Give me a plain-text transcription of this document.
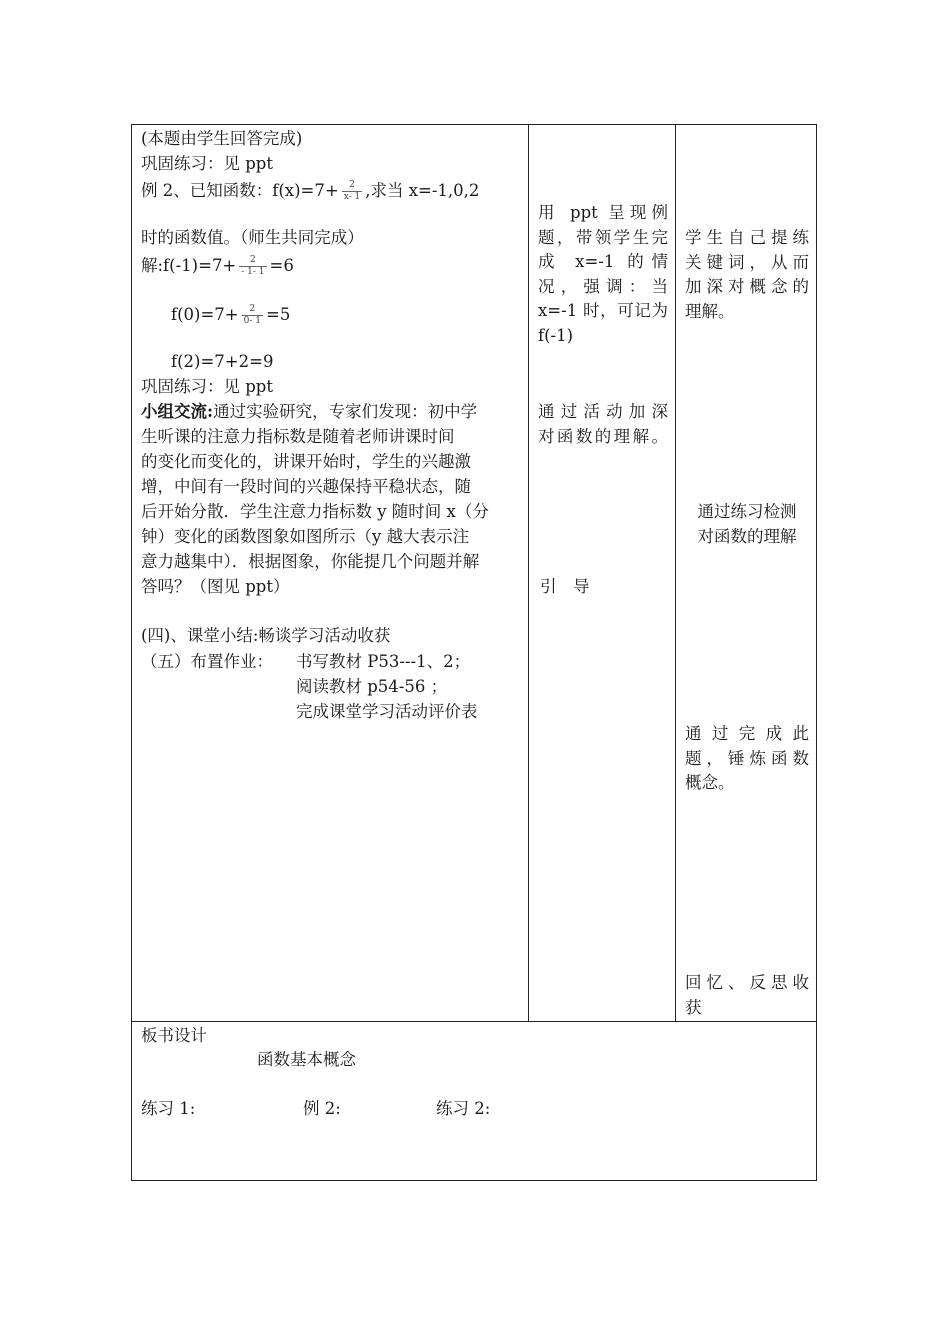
(本题由学生回答完成)
巩固练习：见 ppt
例 2、已知函数：$f(x)=7+ \frac{2}{x- 1}$ ,求当 x=-1,0,2
时的函数值。（师生共同完成）
解:f(-1)=7+ $\frac{2}{- 1- 1} =6$
$f(0)=7+ \frac{2}{0- 1} =5$
f(2)=7+2=9
巩固练习：见 ppt
小组交流:通过实验研究，专家们发现：初中学
生听课的注意力指标数是随着老师讲课时间
的变化而变化的，讲课开始时，学生的兴趣激
增，中间有一段时间的兴趣保持平稳状态，随
后开始分散．学生注意力指标数 y 随时间 x（分
钟）变化的函数图象如图所示（y 越大表示注
意力越集中）．根据图象，你能提几个问题并解
答吗？（图见 ppt）
(四)、课堂小结:畅谈学习活动收获
（五）布置作业： 书写教材 P53---1、2；
阅读教材 p54-56 ；
完成课堂学习活动评价表
用 ppt 呈现例
题，带领学生完
成 x=-1 的情
况，强调：当
x=-1 时，可记为
f(-1)
通过活动加深
对函数的理解。
引　导
学生自己提练
关键词，从而
加深对概念的
理解。
通过练习检测
对函数的理解
通过完成此
题，锤炼函数
概念。
回忆、反思收
获
板书设计
函数基本概念
练习 1:	例 2:	练习 2:
